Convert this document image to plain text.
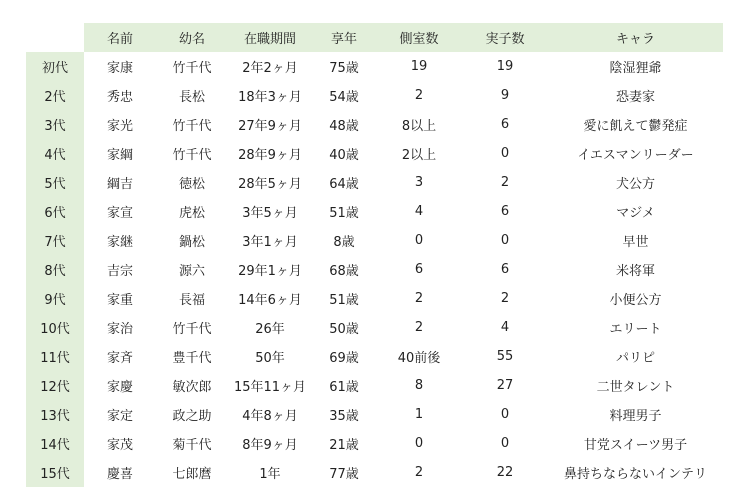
	名前	幼名	在職期間	享年	側室数	実子数	キャラ
初代	家康	竹千代	2年2ヶ月	75歳	19	19	陰湿狸爺
2代	秀忠	長松	18年3ヶ月	54歳	2	9	恐妻家
3代	家光	竹千代	27年9ヶ月	48歳	8以上	6	愛に飢えて鬱発症
4代	家綱	竹千代	28年9ヶ月	40歳	2以上	0	イエスマンリーダー
5代	綱吉	徳松	28年5ヶ月	64歳	3	2	犬公方
6代	家宣	虎松	3年5ヶ月	51歳	4	6	マジメ
7代	家継	鍋松	3年1ヶ月	8歳	0	0	早世
8代	吉宗	源六	29年1ヶ月	68歳	6	6	米将軍
9代	家重	長福	14年6ヶ月	51歳	2	2	小便公方
10代	家治	竹千代	26年	50歳	2	4	エリート
11代	家斉	豊千代	50年	69歳	40前後	55	パリピ
12代	家慶	敏次郎	15年11ヶ月	61歳	8	27	二世タレント
13代	家定	政之助	4年8ヶ月	35歳	1	0	料理男子
14代	家茂	菊千代	8年9ヶ月	21歳	0	0	甘党スイーツ男子
15代	慶喜	七郎麿	1年	77歳	2	22	鼻持ちならないインテリ
